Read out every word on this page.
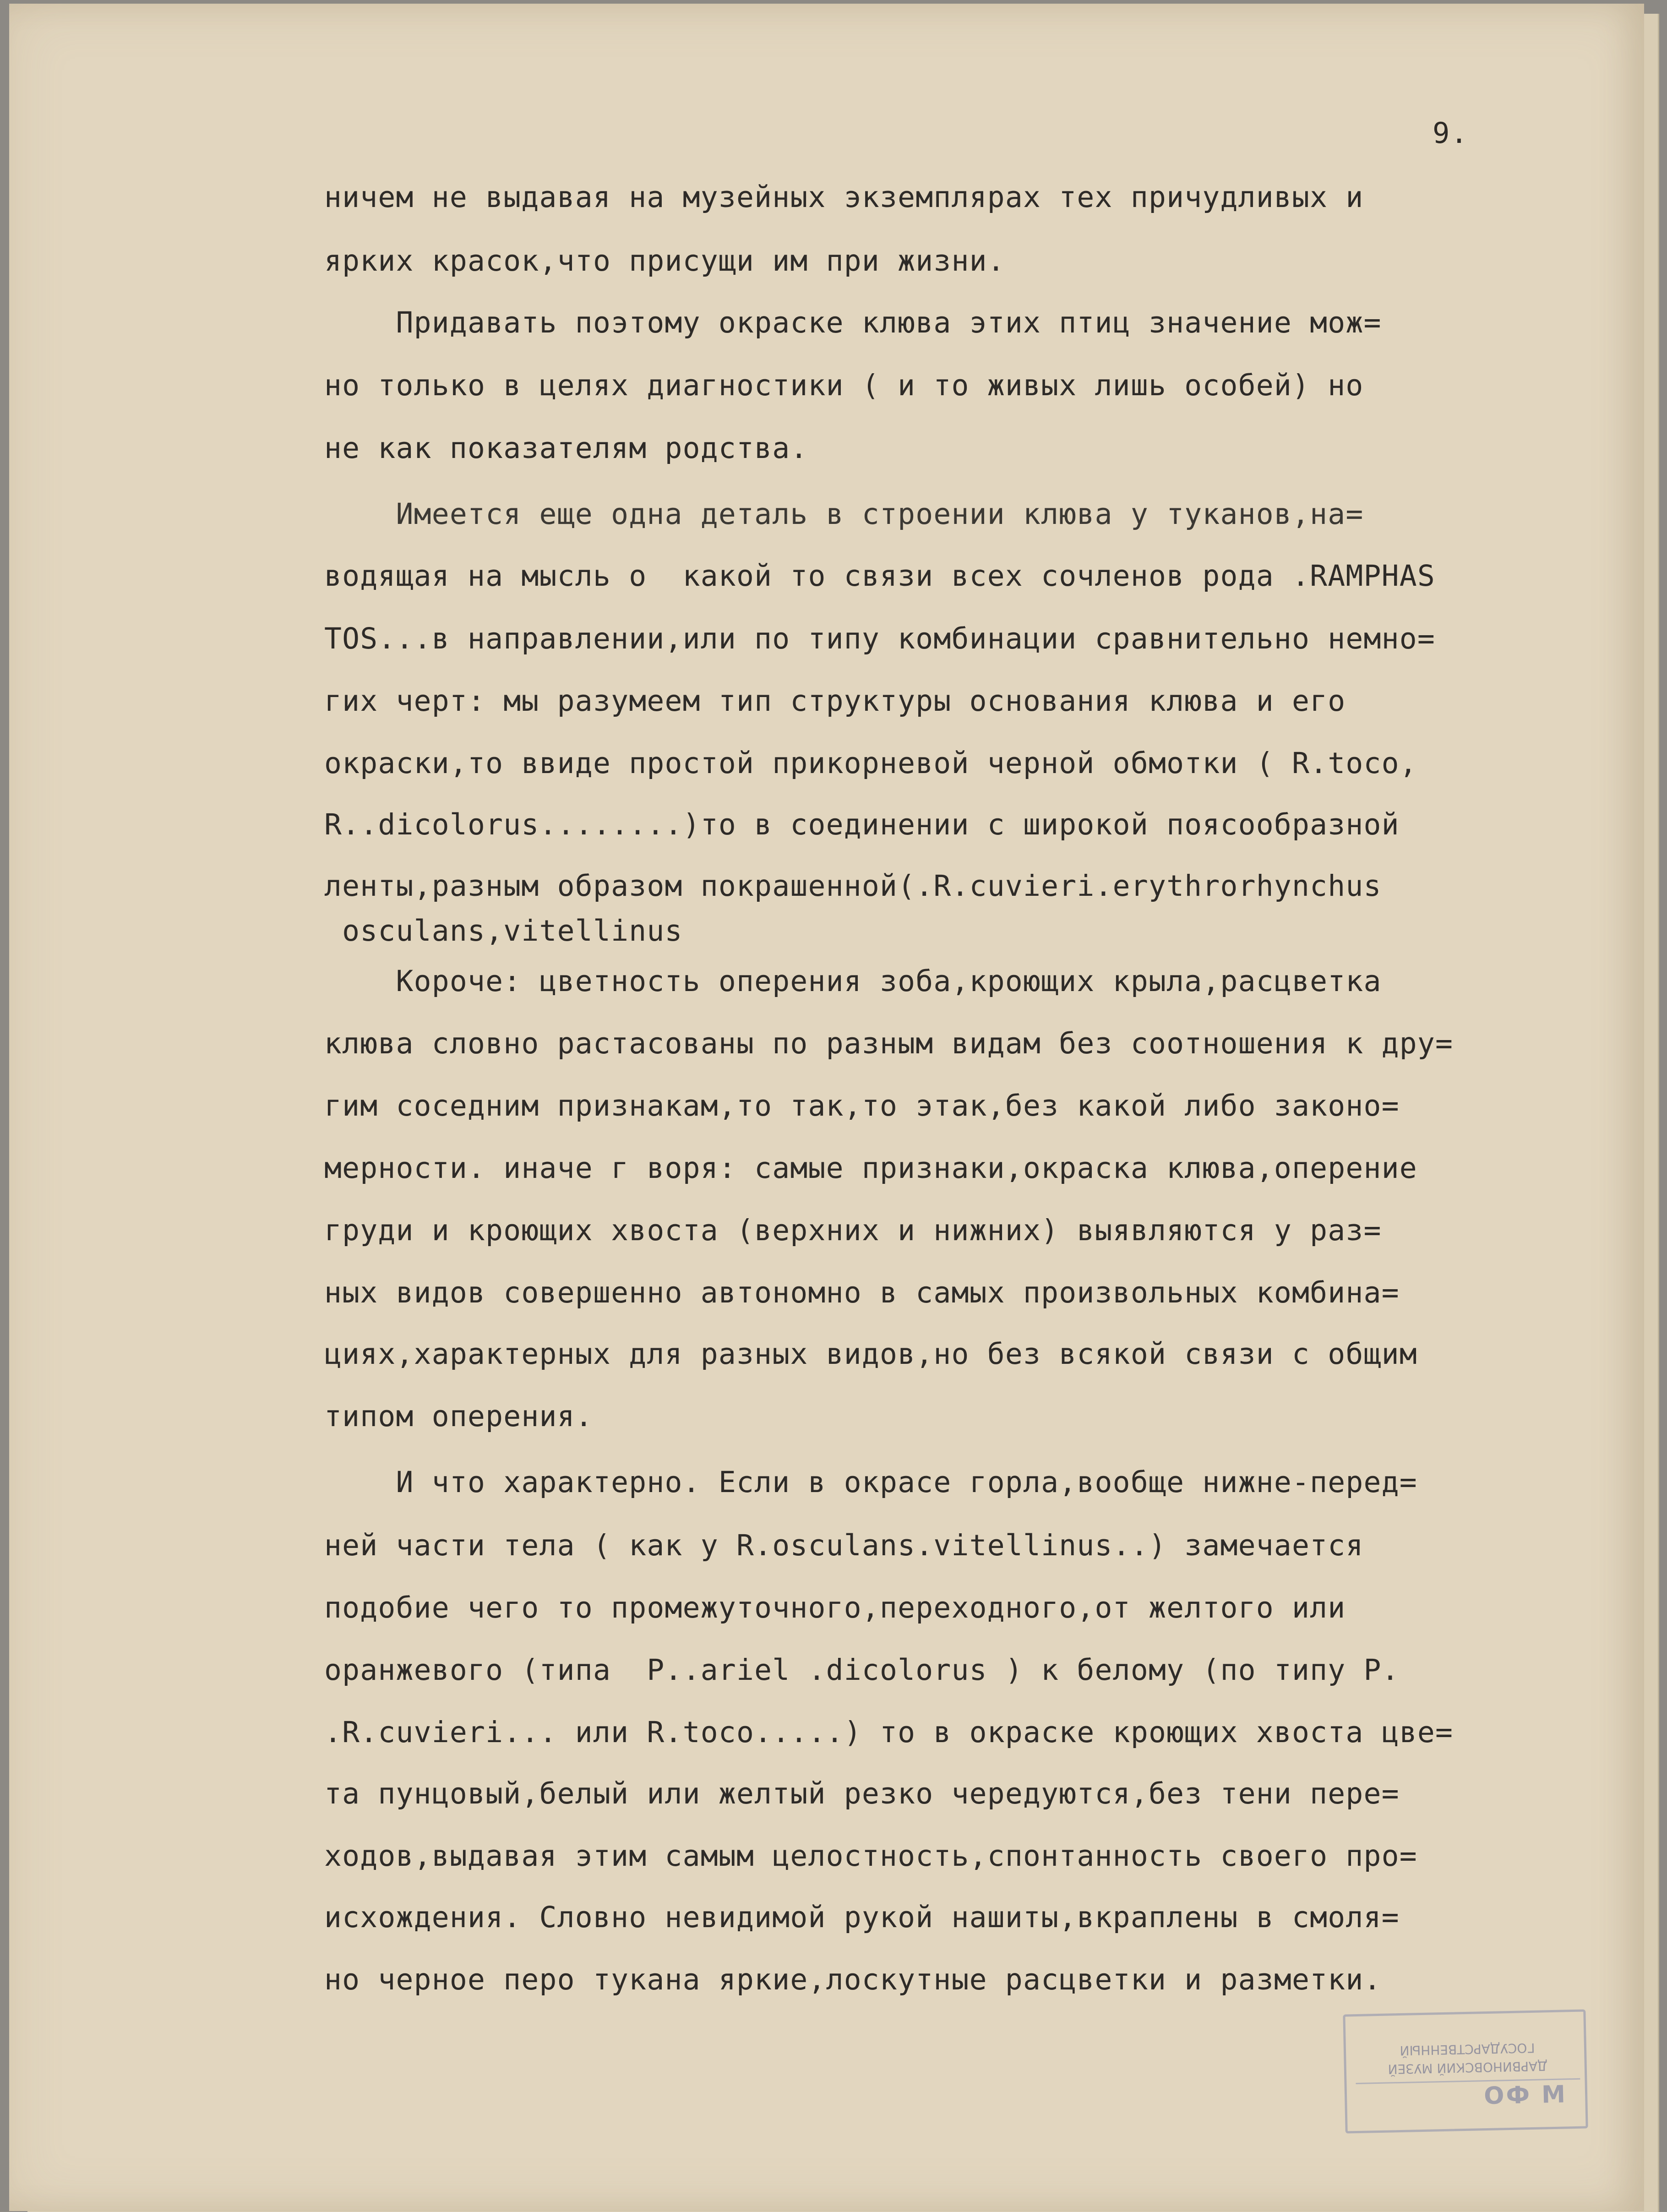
9.
ничем не выдавая на музейных экземплярах тех причудливых и
ярких красок,что присущи им при жизни.
Придавать поэтому окраске клюва этих птиц значение мож=
но только в целях диагностики ( и то живых лишь особей) но
не как показателям родства.
Имеется еще одна деталь в строении клюва у туканов,на=
водящая на мысль о  какой то связи всех сочленов рода .RAMPHAS
TOS...в направлении,или по типу комбинации сравнительно немно=
гих черт: мы разумеем тип структуры основания клюва и его
окраски,то ввиде простой прикорневой черной обмотки ( R.toco,
R..dicolorus........)то в соединении с широкой поясообразной
ленты,разным образом покрашенной(.R.cuvieri.erythrorhynchus
osculans,vitellinus
Короче: цветность оперения зоба,кроющих крыла,расцветка
клюва словно растасованы по разным видам без соотношения к дру=
гим соседним признакам,то так,то этак,без какой либо законо=
мерности. иначе г воря: самые признаки,окраска клюва,оперение
груди и кроющих хвоста (верхних и нижних) выявляются у раз=
ных видов совершенно автономно в самых произвольных комбина=
циях,характерных для разных видов,но без всякой связи с общим
типом оперения.
И что характерно. Если в окрасе горла,вообще нижне-перед=
ней части тела ( как у R.osculans.vitellinus..) замечается
подобие чего то промежуточного,переходного,от желтого или
оранжевого (типа  Р..ariel .dicolorus ) к белому (по типу Р.
.R.cuvieri... или R.toco.....) то в окраске кроющих хвоста цве=
та пунцовый,белый или желтый резко чередуются,без тени пере=
ходов,выдавая этим самым целостность,спонтанность своего про=
исхождения. Словно невидимой рукой нашиты,вкраплены в смоля=
но черное перо тукана яркие,лоскутные расцветки и разметки.
ГОСУДАРСТВЕННЫЙ
ДАРВИНОВСКИЙ МУЗЕЙ
ОФ М
